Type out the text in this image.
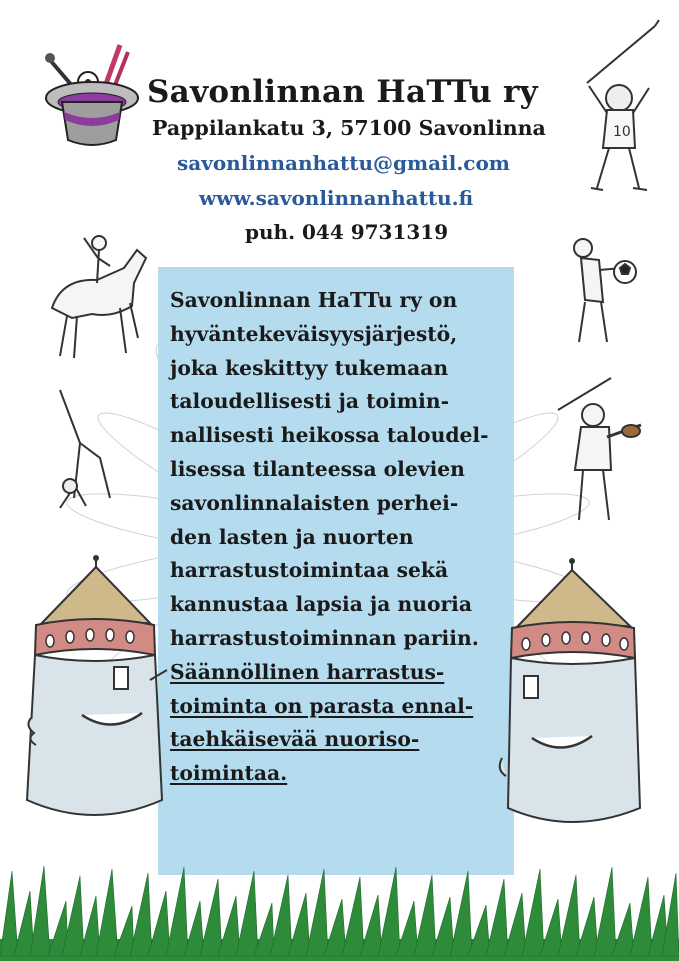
Savonlinnan HaTTu ry
Pappilankatu 3, 57100 Savonlinna
savonlinnanhattu@gmail.com
www.savonlinnanhattu.fi
puh. 044 9731319
Savonlinnan HaTTu ry on
hyväntekeväisyysjärjestö,
joka keskittyy tukemaan
taloudellisesti ja toimin-
nallisesti heikossa taloudel-
lisessa tilanteessa olevien
savonlinnalaisten perhei-
den lasten ja nuorten
harrastustoimintaa sekä
kannustaa lapsia ja nuoria
harrastustoiminnan pariin.
Säännöllinen harrastus-
toiminta on parasta ennal-
taehkäisevää nuoriso-
toimintaa.
10
